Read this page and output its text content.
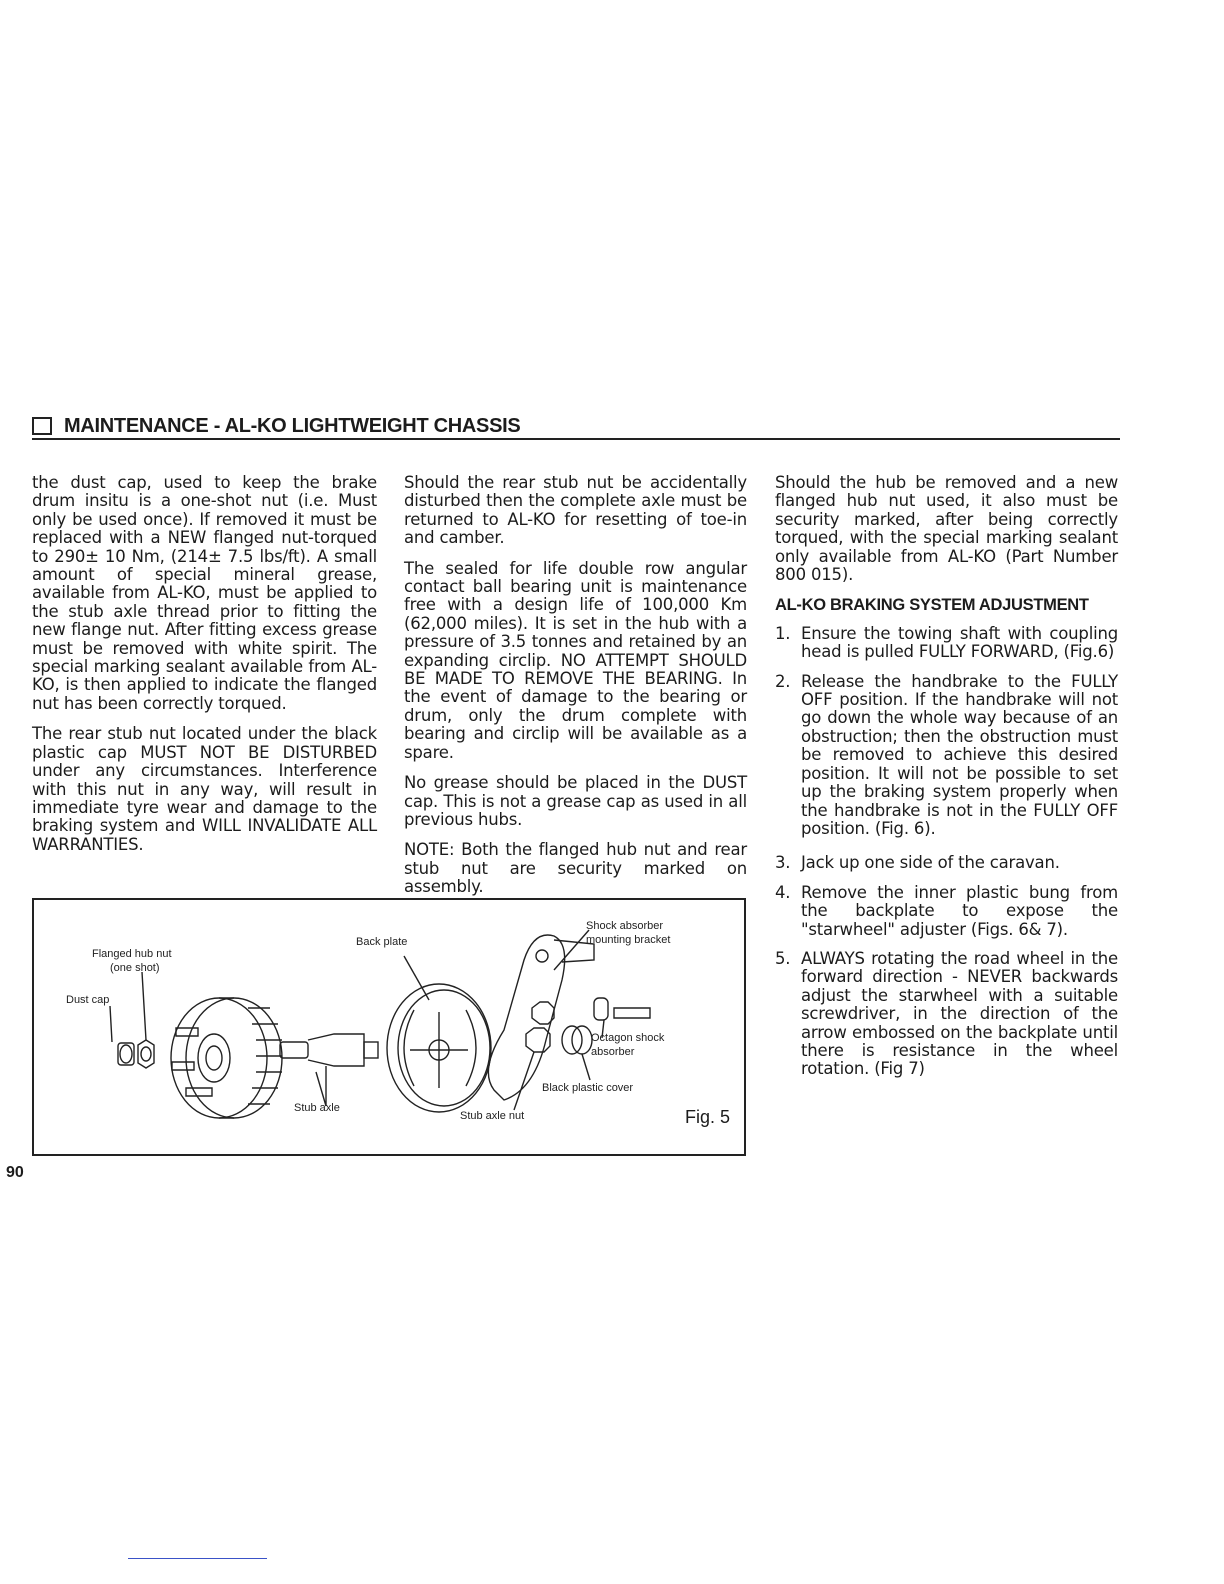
MAINTENANCE - AL-KO LIGHTWEIGHT CHASSIS

the dust cap, used to keep the brake drum insitu is a one-shot nut (i.e. Must only be used once). If removed it must be replaced with a NEW flanged nut-torqued to 290± 10 Nm, (214± 7.5 lbs/ft). A small amount of special mineral grease, available from AL-KO, must be applied to the stub axle thread prior to fitting the new flange nut. After fitting excess grease must be removed with white spirit. The special marking sealant available from AL-KO, is then applied to indicate the flanged nut has been correctly torqued.

The rear stub nut located under the black plastic cap MUST NOT BE DISTURBED under any circumstances. Interference with this nut in any way, will result in immediate tyre wear and damage to the braking system and WILL INVALIDATE ALL WARRANTIES.

Should the rear stub nut be accidentally disturbed then the complete axle must be returned to AL-KO for resetting of toe-in and camber.

The sealed for life double row angular contact ball bearing unit is maintenance free with a design life of 100,000 Km (62,000 miles). It is set in the hub with a pressure of 3.5 tonnes and retained by an expanding circlip. NO ATTEMPT SHOULD BE MADE TO REMOVE THE BEARING. In the event of damage to the bearing or drum, only the drum complete with bearing and circlip will be available as a spare.

No grease should be placed in the DUST cap. This is not a grease cap as used in all previous hubs.

NOTE: Both the flanged hub nut and rear stub nut are security marked on assembly.

Should the hub be removed and a new flanged hub nut used, it also must be security marked, after being correctly torqued, with the special marking sealant only available from AL-KO (Part Number 800 015).

AL-KO BRAKING SYSTEM ADJUSTMENT
1. Ensure the towing shaft with coupling head is pulled FULLY FORWARD, (Fig.6)
2. Release the handbrake to the FULLY OFF position. If the handbrake will not go down the whole way because of an obstruction; then the obstruction must be removed to achieve this desired position. It will not be possible to set up the braking system properly when the handbrake is not in the FULLY OFF position. (Fig. 6).
3. Jack up one side of the caravan.
4. Remove the inner plastic bung from the backplate to expose the "starwheel" adjuster (Figs. 6& 7).
5. ALWAYS rotating the road wheel in the forward direction - NEVER backwards adjust the starwheel with a suitable screwdriver, in the direction of the arrow embossed on the backplate until there is resistance in the wheel rotation. (Fig 7)
Flanged hub nut
(one shot)
Dust cap
Back plate
Shock absorber
mounting bracket
Octagon shock
absorber
Black plastic cover
Stub axle
Stub axle nut	Fig. 5
90
